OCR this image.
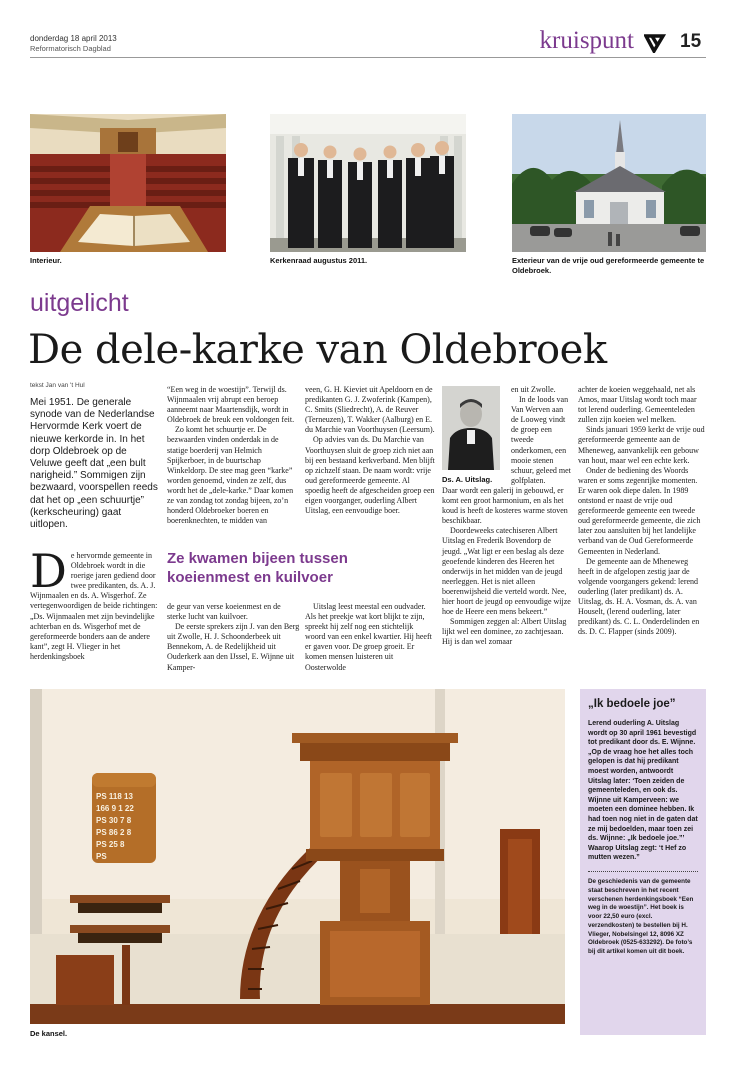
donderdag 18 april 2013
Reformatorisch Dagblad	kruispunt 15
Interieur.	Kerkenraad augustus 2011.	Exterieur van de vrije oud gereformeerde gemeente te Oldebroek.
uitgelicht
De dele-karke van Oldebroek
tekst Jan van 't Hul
Mei 1951. De generale synode van de Nederlandse Hervormde Kerk voert de nieuwe kerkorde in. In het dorp Oldebroek op de Veluwe geeft dat „een bult narigheid.” Sommigen zijn bezwaard, voorspellen reeds dat het op „een schuurtje” (kerkscheuring) gaat uitlopen.
D e hervormde gemeente in Oldebroek wordt in die roerige jaren gediend door twee predikanten, ds. A. J. Wijnmaalen en ds. A. Wisgerhof. Ze vertegenwoordigen de beide richtingen: „Ds. Wijnmaalen met zijn bevindelijke achterban en ds. Wisgerhof met de gereformeerde bonders aan de andere kant”, zegt H. Vlieger in het herdenkingsboek

“Een weg in de woestijn”. Terwijl ds. Wijnmaalen vrij abrupt een beroep aanneemt naar Maartensdijk, wordt in Oldebroek de breuk een voldongen feit.

Zo komt het schuurtje er. De bezwaarden vinden onderdak in de statige boerderij van Helmich Spijkerboer, in de buurtschap Winkeldorp. De stee mag geen “karke” worden genoemd, vinden ze zelf, dus wordt het de „dele-karke.” Daar komen ze van zondag tot zondag bijeen, zo’n honderd Oldebroeker boeren en boerenknechten, te midden van

veen, G. H. Kieviet uit Apeldoorn en de predikanten G. J. Zwoferink (Kampen), C. Smits (Sliedrecht), A. de Reuver (Terneuzen), T. Wakker (Aalburg) en E. du Marchie van Voorthuysen (Leersum).

Op advies van ds. Du Marchie van Voorthuysen sluit de groep zich niet aan bij een bestaand kerkverband. Men blijft op zichzelf staan. De naam wordt: vrije oud gereformeerde gemeente. Al spoedig heeft de afgescheiden groep een eigen voorganger, ouderling Albert Uitslag, een eenvoudige boer.

Ze kwamen bijeen tussen koeienmest en kuilvoer

de geur van verse koeienmest en de sterke lucht van kuilvoer.

De eerste sprekers zijn J. van den Berg uit Zwolle, H. J. Schoonderbeek uit Bennekom, A. de Redelijkheid uit Ouderkerk aan den IJssel, E. Wijnne uit Kamper-

Uitslag leest meestal een oudvader. Als het preekje wat kort blijkt te zijn, spreekt hij zelf nog een stichtelijk woord van een enkel kwartier. Hij heeft er gaven voor. De groep groeit. Er komen mensen luisteren uit Oosterwolde

Ds. A. Uitslag.

en uit Zwolle.

In de loods van Van Werven aan de Looweg vindt de groep een tweede onderkomen, een mooie stenen schuur, geleed met golfplaten.

Daar wordt een galerij in gebouwd, er komt een groot harmonium, en als het koud is heeft de kosteres warme stoven beschikbaar.

Doordeweeks catechiseren Albert Uitslag en Frederik Bovendorp de jeugd. „Wat ligt er een beslag als deze geoefende kinderen des Heeren het onderwijs in het midden van de jeugd neerleggen. Het is niet alleen boerenwijsheid die verteld wordt. Nee, hier hoort de jeugd op eenvoudige wijze hoe de Heere een mens bekeert.”

Sommigen zeggen al: Albert Uitslag lijkt wel een dominee, zo zachtjesaan. Hij is dan wel zomaar

achter de koeien weggehaald, net als Amos, maar Uitslag wordt toch maar tot lerend ouderling. Gemeenteleden zullen zijn koeien wel melken.

Sinds januari 1959 kerkt de vrije oud gereformeerde gemeente aan de Mheneweg, aanvankelijk een gebouw van hout, maar wel een echte kerk.

Onder de bediening des Woords waren er soms zegenrijke momenten. Er waren ook diepe dalen. In 1989 ontstond er naast de vrije oud gereformeerde gemeente een tweede oud gereformeerde gemeente, die zich later zou aansluiten bij het landelijke verband van de Oud Gereformeerde Gemeenten in Nederland.

De gemeente aan de Mheneweg heeft in de afgelopen zestig jaar de volgende voorgangers gekend: lerend ouderling (later predikant) ds. A. Uitslag, ds. H. A. Vosman, ds. A. van Houselt, (lerend ouderling, later predikant) ds. C. L. Onderdelinden en ds. D. C. Flapper (sinds 2009).

PS 118 13
166 9 1 22
PS 30 7 8
PS 86 2 8
PS 25 8
PS
De kansel.
„Ik bedoele joe”
Lerend ouderling A. Uitslag wordt op 30 april 1961 bevestigd tot predikant door ds. E. Wijnne. „Op de vraag hoe het alles toch gelopen is dat hij predikant moest worden, antwoordt Uitslag later: ‘Toen zeiden de gemeenteleden, en ook ds. Wijnne uit Kamperveen: we moeten een dominee hebben. Ik had toen nog niet in de gaten dat ze mij bedoelden, maar toen zei ds. Wijnne: „Ik bedoele joe.”’ Waarop Uitslag zegt: ‘t Hef zo mutten wezen.”
De geschiedenis van de gemeente staat beschreven in het recent verschenen herdenkingsboek “Een weg in de woestijn”. Het boek is voor 22,50 euro (excl. verzendkosten) te bestellen bij H. Vlieger, Nobelsingel 12, 8096 XZ Oldebroek (0525-633292). De foto’s bij dit artikel komen uit dit boek.
